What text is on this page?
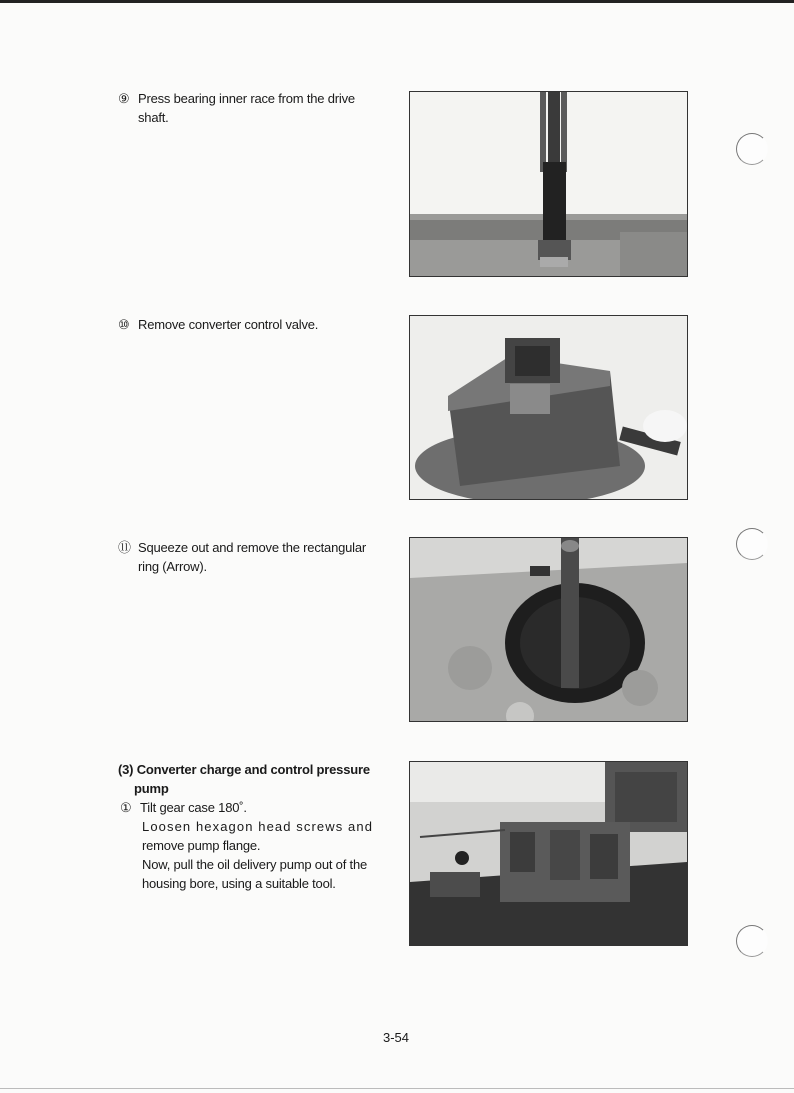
⑨ Press bearing inner race from the drive
shaft.
⑩ Remove converter control valve.
⑪ Squeeze out and remove the rectangular
ring (Arrow).
(3) Converter charge and control pressure
pump
① Tilt gear case 180˚.
Loosen hexagon head screws and
remove pump flange.
Now, pull the oil delivery pump out of the
housing bore, using a suitable tool.
3-54
